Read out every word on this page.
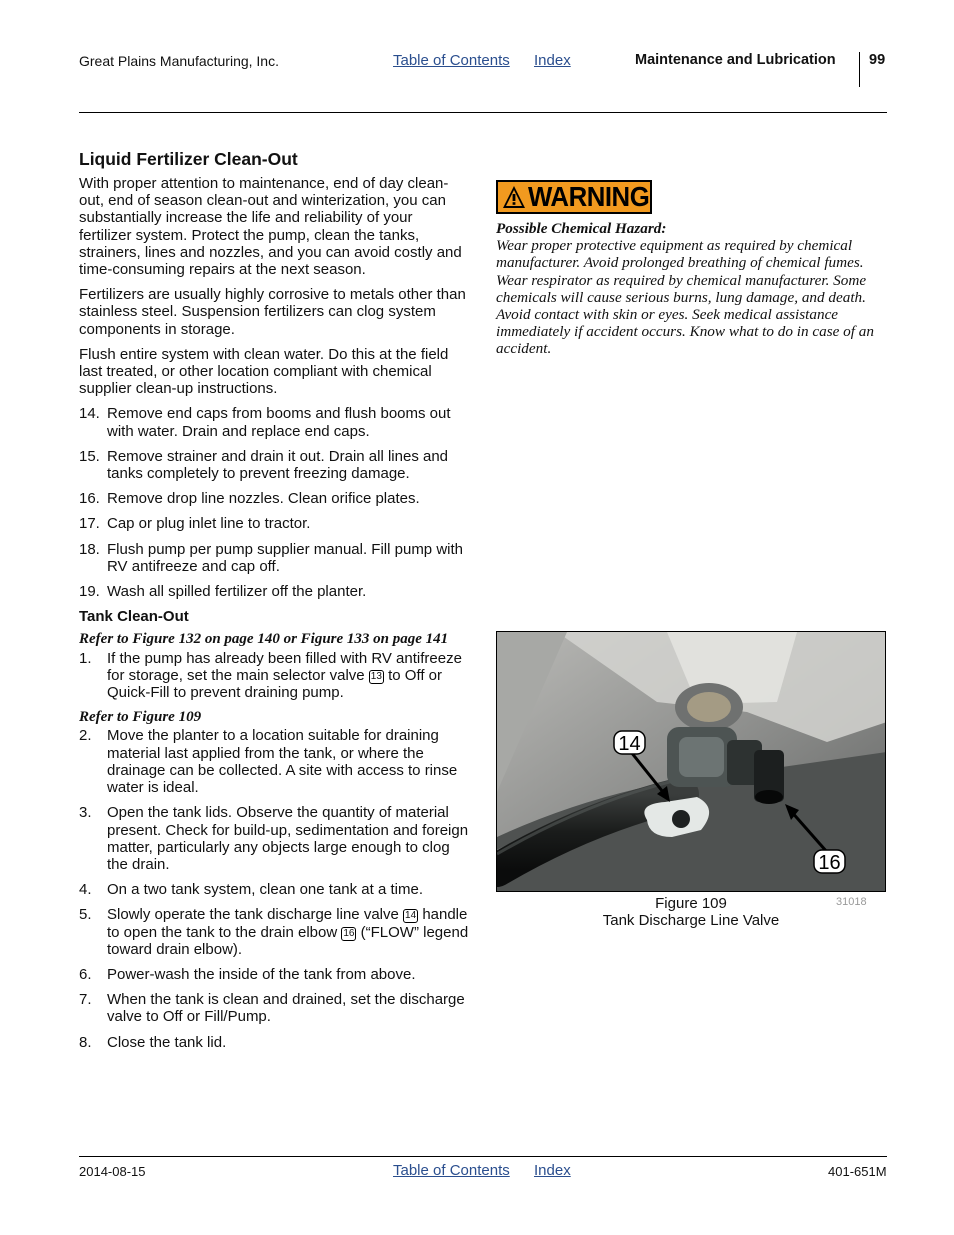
Great Plains Manufacturing, Inc.	Table of Contents Index	Maintenance and Lubrication 99
Liquid Fertilizer Clean-Out

With proper attention to maintenance, end of day clean-out, end of season clean-out and winterization, you can substantially increase the life and reliability of your fertilizer system. Protect the pump, clean the tanks, strainers, lines and nozzles, and you can avoid costly and time-consuming repairs at the next season.

Fertilizers are usually highly corrosive to metals other than stainless steel. Suspension fertilizers can clog system components in storage.

Flush entire system with clean water. Do this at the field last treated, or other location compliant with chemical supplier clean-up instructions.

14. Remove end caps from booms and flush booms out with water. Drain and replace end caps.
15. Remove strainer and drain it out. Drain all lines and tanks completely to prevent freezing damage.
16. Remove drop line nozzles. Clean orifice plates.
17. Cap or plug inlet line to tractor.
18. Flush pump per pump supplier manual. Fill pump with RV antifreeze and cap off.
19. Wash all spilled fertilizer off the planter.
Tank Clean-Out
Refer to Figure 132 on page 140 or Figure 133 on page 141
1. If the pump has already been filled with RV antifreeze for storage, set the main selector valve 13 to Off or Quick-Fill to prevent draining pump.
Refer to Figure 109
2. Move the planter to a location suitable for draining material last applied from the tank, or where the drainage can be collected. A site with access to rinse water is ideal.
3. Open the tank lids. Observe the quantity of material present. Check for build-up, sedimentation and foreign matter, particularly any objects large enough to clog the drain.
4. On a two tank system, clean one tank at a time.
5. Slowly operate the tank discharge line valve 14 handle to open the tank to the drain elbow 16 (“FLOW” legend toward drain elbow).
6. Power-wash the inside of the tank from above.
7. When the tank is clean and drained, set the discharge valve to Off or Fill/Pump.
8. Close the tank lid.
WARNING
Possible Chemical Hazard:
Wear proper protective equipment as required by chemical manufacturer. Avoid prolonged breathing of chemical fumes. Wear respirator as required by chemical manufacturer. Some chemicals will cause serious burns, lung damage, and death. Avoid contact with skin or eyes. Seek medical assistance immediately if accident occurs. Know what to do in case of an accident.
14
16
31018
Figure 109
Tank Discharge Line Valve
2014-08-15	Table of Contents Index	401-651M
